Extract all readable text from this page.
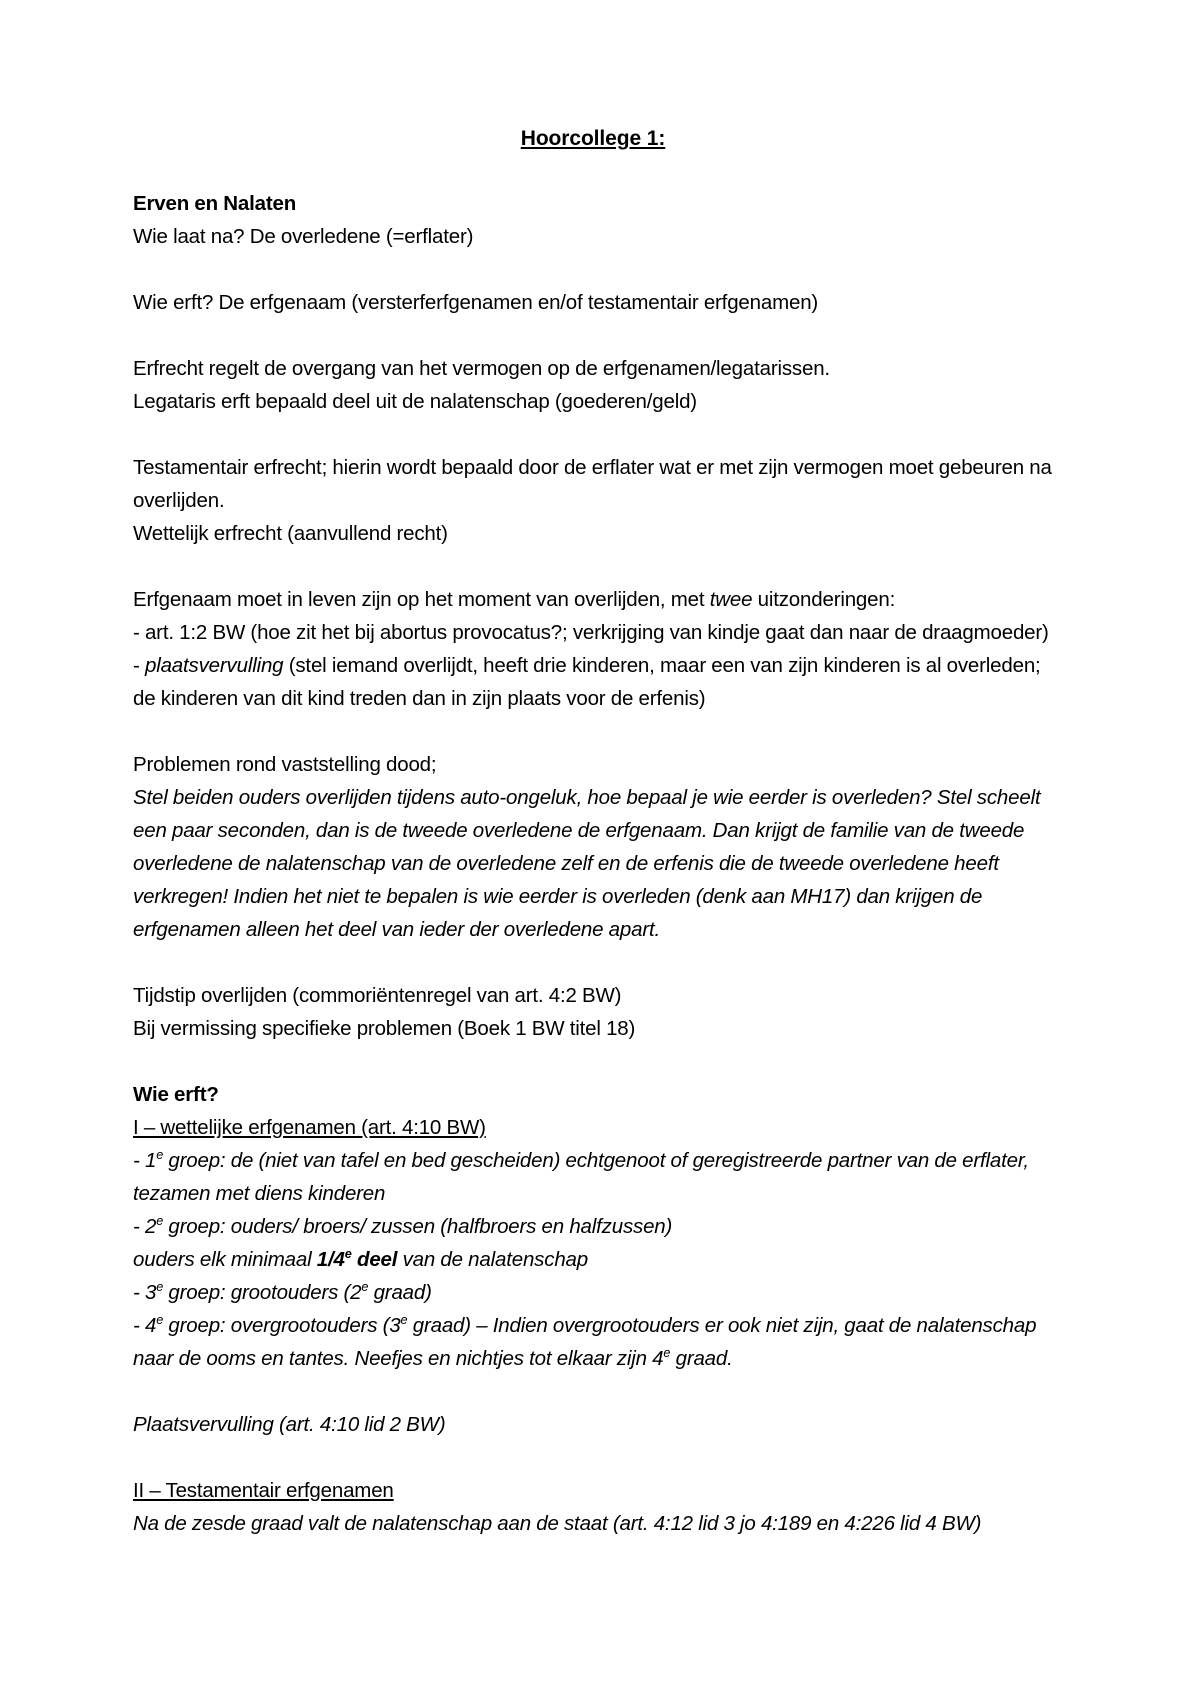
Hoorcollege 1:

Erven en Nalaten

Wie laat na? De overledene (=erflater)

Wie erft? De erfgenaam (versterferfgenamen en/of testamentair erfgenamen)

Erfrecht regelt de overgang van het vermogen op de erfgenamen/legatarissen.

Legataris erft bepaald deel uit de nalatenschap (goederen/geld)

Testamentair erfrecht; hierin wordt bepaald door de erflater wat er met zijn vermogen moet gebeuren na overlijden.

Wettelijk erfrecht (aanvullend recht)

Erfgenaam moet in leven zijn op het moment van overlijden, met twee uitzonderingen:

- art. 1:2 BW (hoe zit het bij abortus provocatus?; verkrijging van kindje gaat dan naar de draagmoeder)

- plaatsvervulling (stel iemand overlijdt, heeft drie kinderen, maar een van zijn kinderen is al overleden; de kinderen van dit kind treden dan in zijn plaats voor de erfenis)

Problemen rond vaststelling dood;

Stel beiden ouders overlijden tijdens auto-ongeluk, hoe bepaal je wie eerder is overleden? Stel scheelt een paar seconden, dan is de tweede overledene de erfgenaam. Dan krijgt de familie van de tweede overledene de nalatenschap van de overledene zelf en de erfenis die de tweede overledene heeft verkregen! Indien het niet te bepalen is wie eerder is overleden (denk aan MH17) dan krijgen de erfgenamen alleen het deel van ieder der overledene apart.

Tijdstip overlijden (commoriëntenregel van art. 4:2 BW)

Bij vermissing specifieke problemen (Boek 1 BW titel 18)

Wie erft?

I – wettelijke erfgenamen (art. 4:10 BW)

- 1e groep: de (niet van tafel en bed gescheiden) echtgenoot of geregistreerde partner van de erflater, tezamen met diens kinderen

- 2e groep: ouders/ broers/ zussen (halfbroers en halfzussen)

ouders elk minimaal 1/4e deel van de nalatenschap

- 3e groep: grootouders (2e graad)

- 4e groep: overgrootouders (3e graad) – Indien overgrootouders er ook niet zijn, gaat de nalatenschap naar de ooms en tantes. Neefjes en nichtjes tot elkaar zijn 4e graad.

Plaatsvervulling (art. 4:10 lid 2 BW)

II – Testamentair erfgenamen

Na de zesde graad valt de nalatenschap aan de staat (art. 4:12 lid 3 jo 4:189 en 4:226 lid 4 BW)
